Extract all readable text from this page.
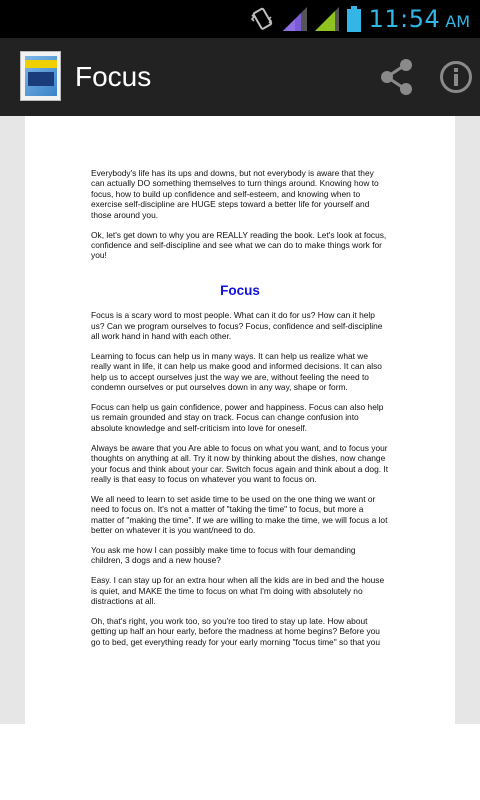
11:54 AM
Focus

Everybody's life has its ups and downs, but not everybody is aware that they can actually DO something themselves to turn things around. Knowing how to focus, how to build up confidence and self-esteem, and knowing when to exercise self-discipline are HUGE steps toward a better life for yourself and those around you.

Ok, let's get down to why you are REALLY reading the book. Let's look at focus, confidence and self-discipline and see what we can do to make things work for you!

Focus

Focus is a scary word to most people. What can it do for us? How can it help us? Can we program ourselves to focus? Focus, confidence and self-discipline all work hand in hand with each other.

Learning to focus can help us in many ways. It can help us realize what we really want in life, it can help us make good and informed decisions. It can also help us to accept ourselves just the way we are, without feeling the need to condemn ourselves or put ourselves down in any way, shape or form.

Focus can help us gain confidence, power and happiness. Focus can also help us remain grounded and stay on track. Focus can change confusion into absolute knowledge and self-criticism into love for oneself.

Always be aware that you Are able to focus on what you want, and to focus your thoughts on anything at all. Try it now by thinking about the dishes, now change your focus and think about your car. Switch focus again and think about a dog. It really is that easy to focus on whatever you want to focus on.

We all need to learn to set aside time to be used on the one thing we want or need to focus on. It's not a matter of "taking the time" to focus, but more a matter of "making the time". If we are willing to make the time, we will focus a lot better on whatever it is you want/need to do.

You ask me how I can possibly make time to focus with four demanding children, 3 dogs and a new house?

Easy. I can stay up for an extra hour when all the kids are in bed and the house is quiet, and MAKE the time to focus on what I'm doing with absolutely no distractions at all.

Oh, that's right, you work too, so you're too tired to stay up late. How about getting up half an hour early, before the madness at home begins? Before you go to bed, get everything ready for your early morning "focus time" so that you
